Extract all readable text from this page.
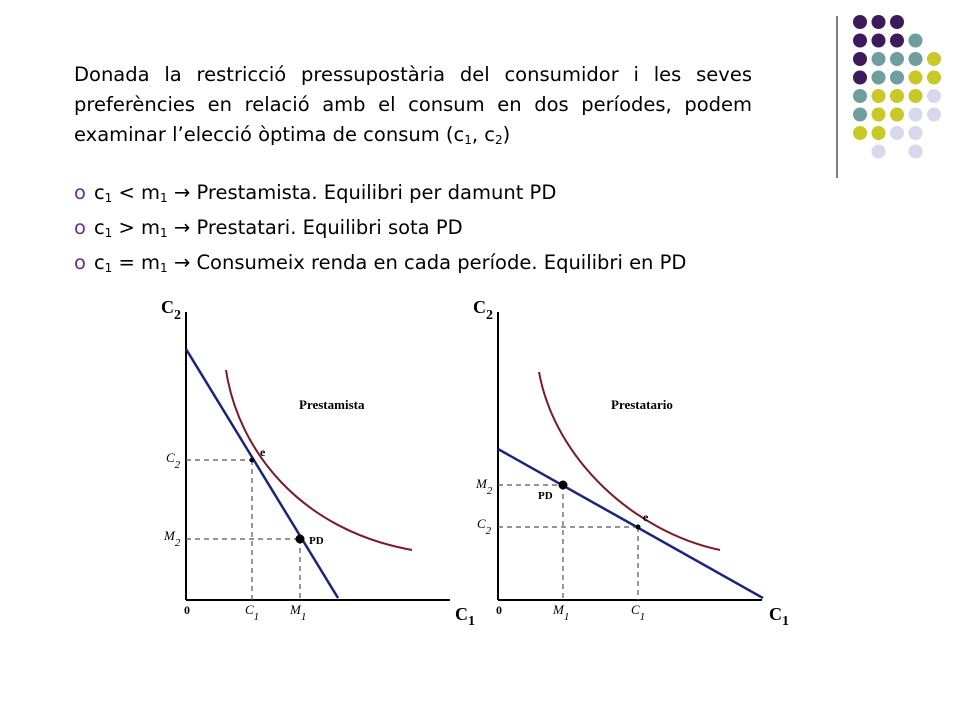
Donada la restricció pressupostària del consumidor i les seves preferències en relació amb el consum en dos períodes, podem examinar l’elecció òptima de consum ($c_1$, $c_2$)

o $c_1 < m_1$ → Prestamista. Equilibri per damunt PD
o $c_1 > m_1$ → Prestatari. Equilibri sota PD
o $c_1 = m_1$ → Consumeix renda en cada període. Equilibri en PD
$C_2$
$C_1$
0
Prestamista
e
PD
$C_2$
$M_2$
$C_1$ $M_1$
$C_2$
$C_1$
0
Prestatario
e
PD
$M_2$
$C_2$
$M_1$	$C_1$
